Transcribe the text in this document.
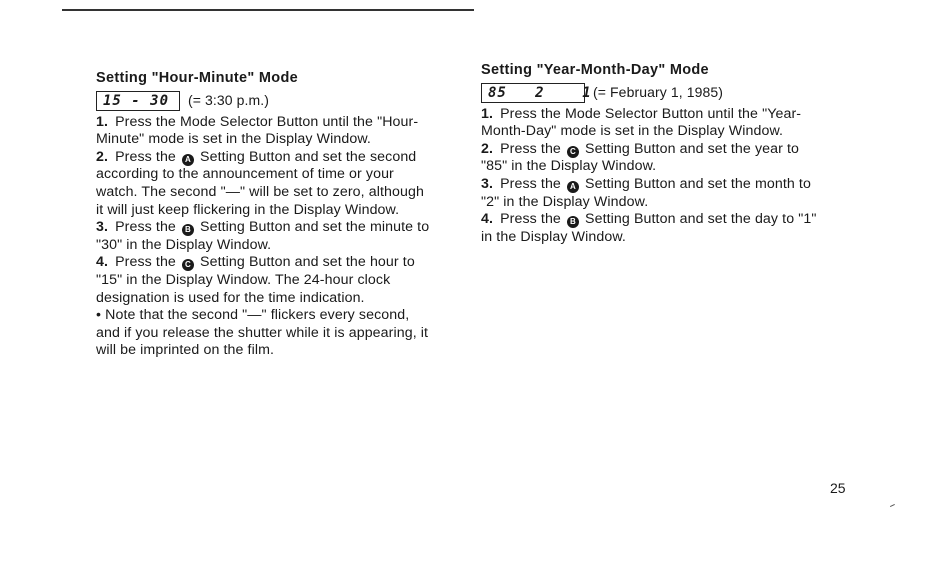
Setting "Hour-Minute" Mode
15 - 30	(= 3:30 p.m.)

1. Press the Mode Selector Button until the "Hour-Minute" mode is set in the Display Window.

2. Press the A Setting Button and set the second according to the announcement of time or your watch. The second "—" will be set to zero, although it will just keep flickering in the Display Window.

3. Press the B Setting Button and set the minute to "30" in the Display Window.

4. Press the C Setting Button and set the hour to "15" in the Display Window. The 24-hour clock designation is used for the time indication.

• Note that the second "—" flickers every second, and if you release the shutter while it is appearing, it will be imprinted on the film.

Setting "Year-Month-Day" Mode
85   2    1 (= February 1, 1985)

1. Press the Mode Selector Button until the "Year-Month-Day" mode is set in the Display Window.

2. Press the C Setting Button and set the year to "85" in the Display Window.

3. Press the A Setting Button and set the month to "2" in the Display Window.

4. Press the B Setting Button and set the day to "1" in the Display Window.

25
